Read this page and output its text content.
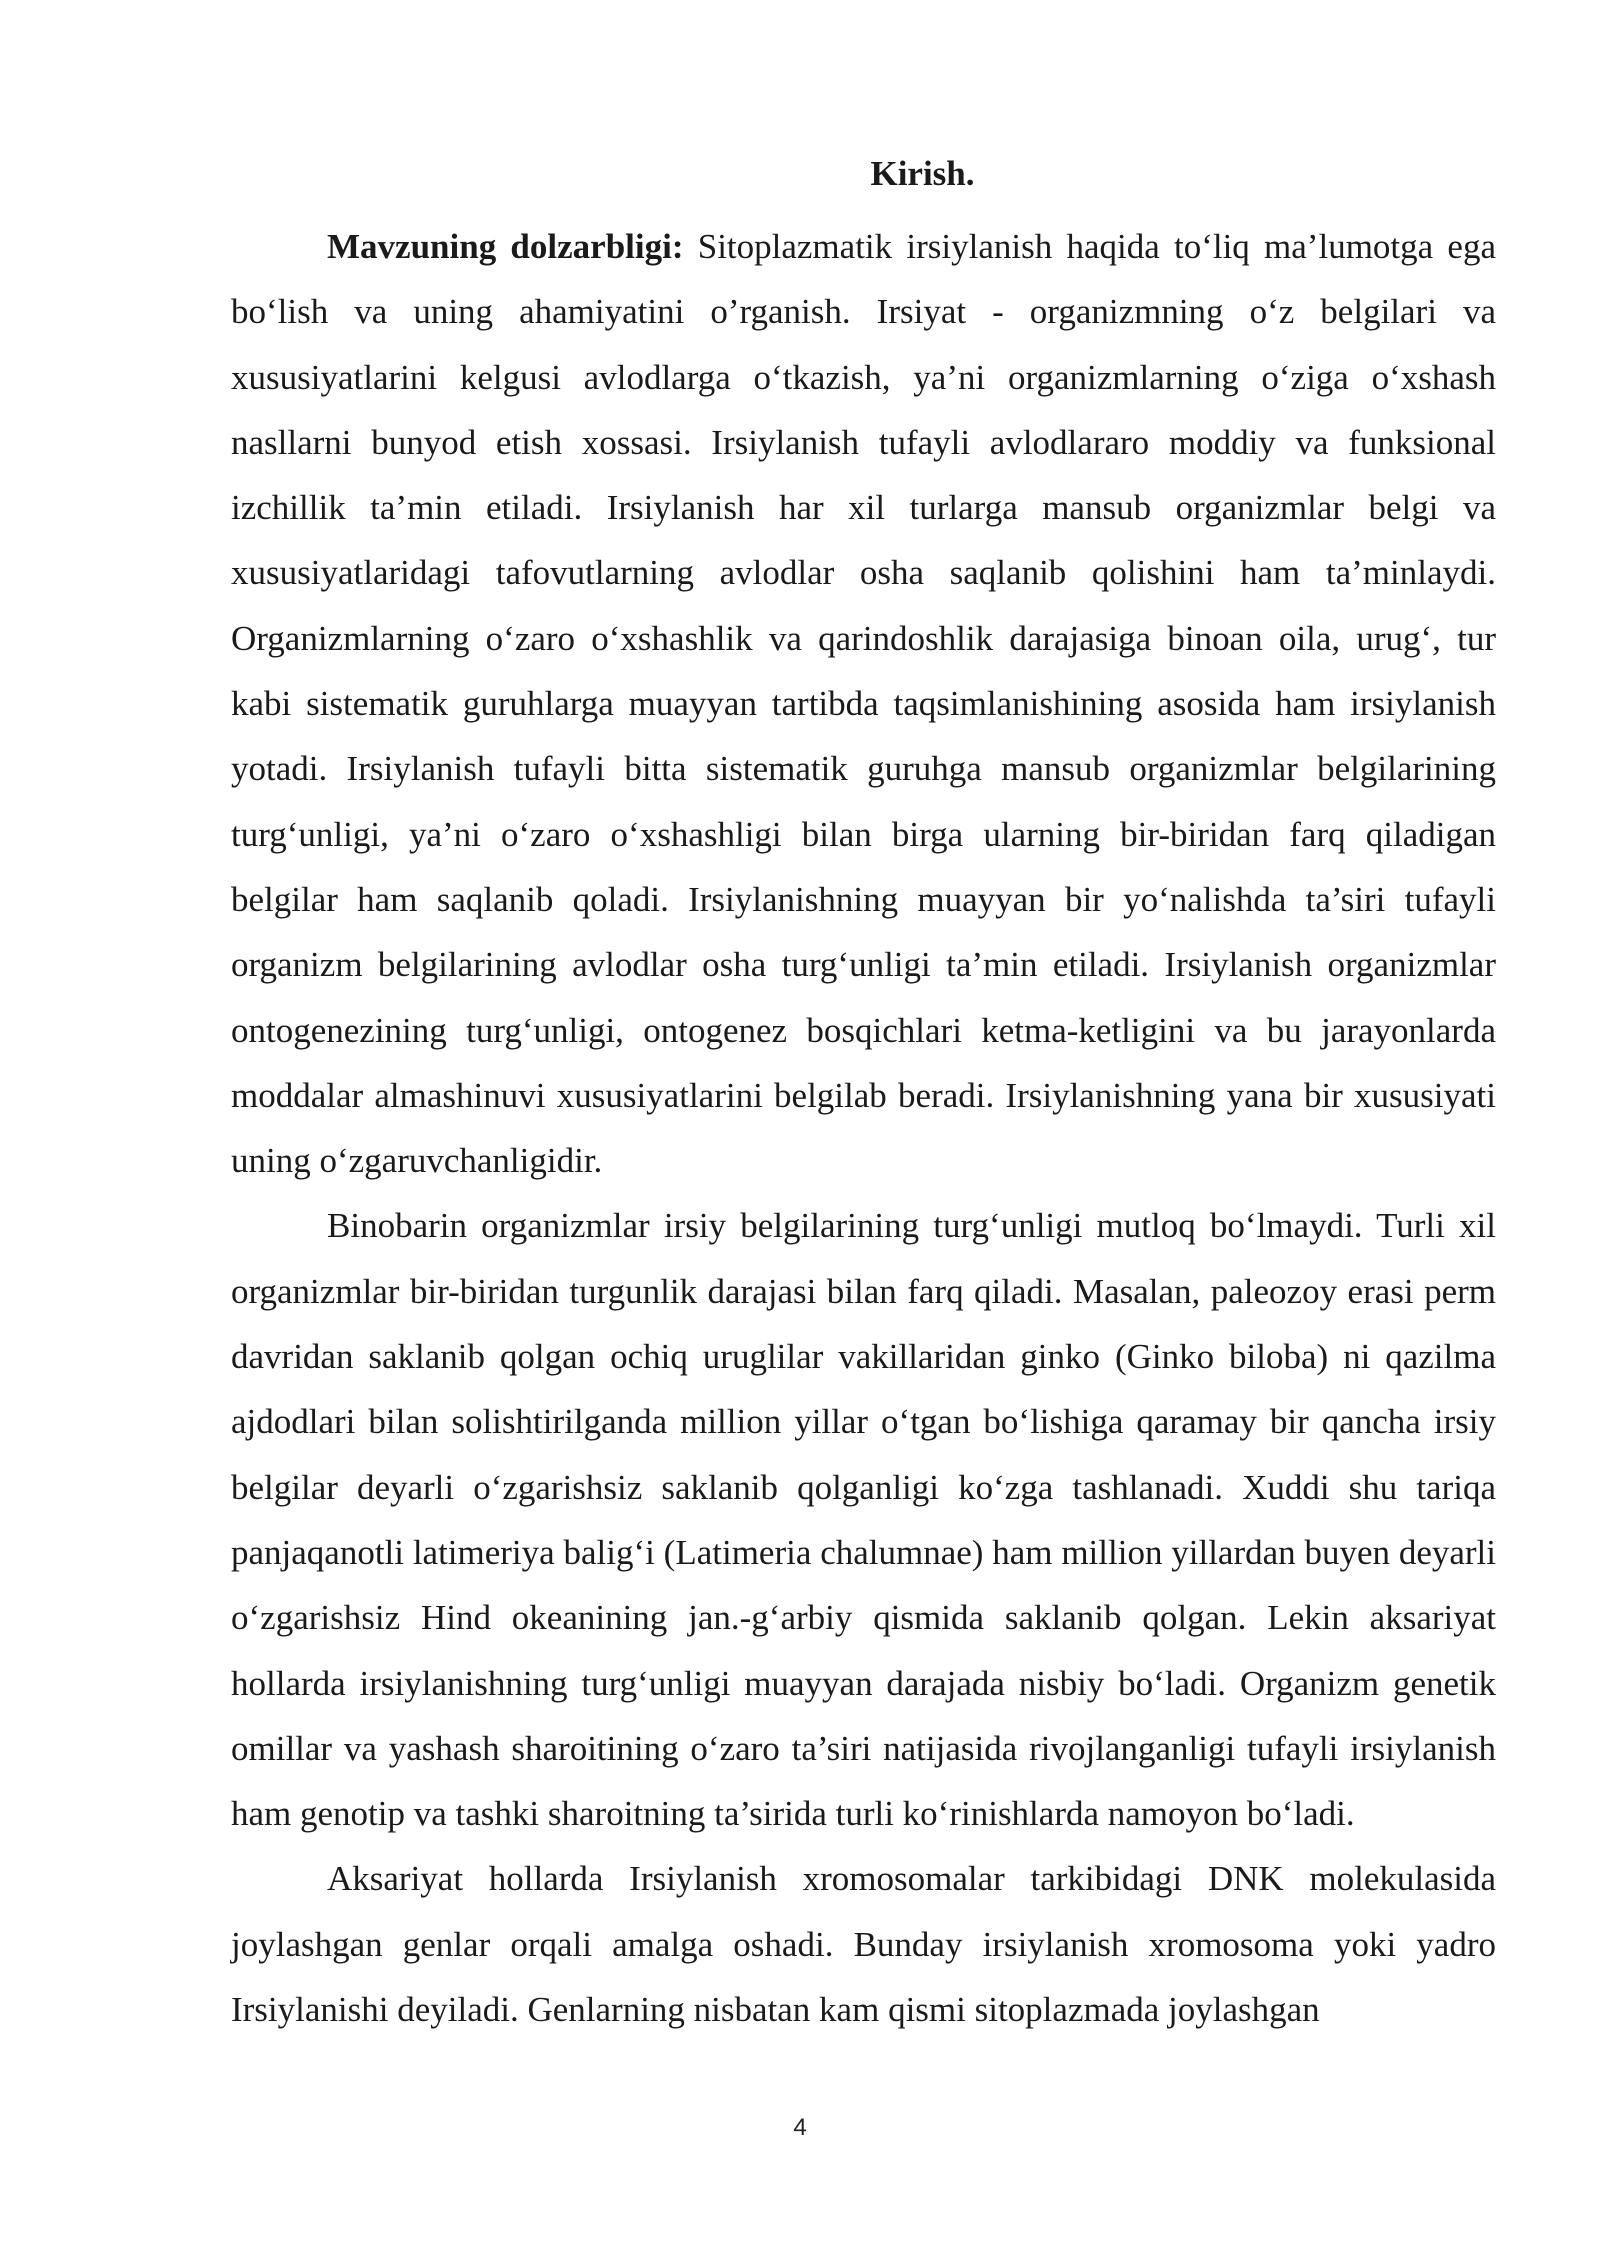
Kirish.

Mavzuning dolzarbligi: Sitoplazmatik irsiylanish haqida to‘liq ma’lumotga ega bo‘lish va uning ahamiyatini o’rganish. Irsiyat - organizmning o‘z belgilari va xususiyatlarini kelgusi avlodlarga o‘tkazish, ya’ni organizmlarning o‘ziga o‘xshash nasllarni bunyod etish xossasi. Irsiylanish tufayli avlodlararo moddiy va funksional izchillik ta’min etiladi. Irsiylanish har xil turlarga mansub organizmlar belgi va xususiyatlaridagi tafovutlarning avlodlar osha saqlanib qolishini ham ta’minlaydi. Organizmlarning o‘zaro o‘xshashlik va qarindoshlik darajasiga binoan oila, urug‘, tur kabi sistematik guruhlarga muayyan tartibda taqsimlanishining asosida ham irsiylanish yotadi. Irsiylanish tufayli bitta sistematik guruhga mansub organizmlar belgilarining turg‘unligi, ya’ni o‘zaro o‘xshashligi bilan birga ularning bir-biridan farq qiladigan belgilar ham saqlanib qoladi. Irsiylanishning muayyan bir yo‘nalishda ta’siri tufayli organizm belgilarining avlodlar osha turg‘unligi ta’min etiladi. Irsiylanish organizmlar ontogenezining turg‘unligi, ontogenez bosqichlari ketma-ketligini va bu jarayonlarda moddalar almashinuvi xususiyatlarini belgilab beradi. Irsiylanishning yana bir xususiyati uning o‘zgaruvchanligidir.

Binobarin organizmlar irsiy belgilarining turg‘unligi mutloq bo‘lmaydi. Turli xil organizmlar bir-biridan turgunlik darajasi bilan farq qiladi. Masalan, paleozoy erasi perm davridan saklanib qolgan ochiq uruglilar vakillaridan ginko (Ginko biloba) ni qazilma ajdodlari bilan solishtirilganda million yillar o‘tgan bo‘lishiga qaramay bir qancha irsiy belgilar deyarli o‘zgarishsiz saklanib qolganligi ko‘zga tashlanadi. Xuddi shu tariqa panjaqanotli latimeriya balig‘i (Latimeria chalumnae) ham million yillardan buyen deyarli o‘zgarishsiz Hind okeanining jan.-g‘arbiy qismida saklanib qolgan. Lekin aksariyat hollarda irsiylanishning turg‘unligi muayyan darajada nisbiy bo‘ladi. Organizm genetik omillar va yashash sharoitining o‘zaro ta’siri natijasida rivojlanganligi tufayli irsiylanish ham genotip va tashki sharoitning ta’sirida turli ko‘rinishlarda namoyon bo‘ladi.

Aksariyat hollarda Irsiylanish xromosomalar tarkibidagi DNK molekulasida joylashgan genlar orqali amalga oshadi. Bunday irsiylanish xromosoma yoki yadro Irsiylanishi deyiladi. Genlarning nisbatan kam qismi sitoplazmada joylashgan

4
